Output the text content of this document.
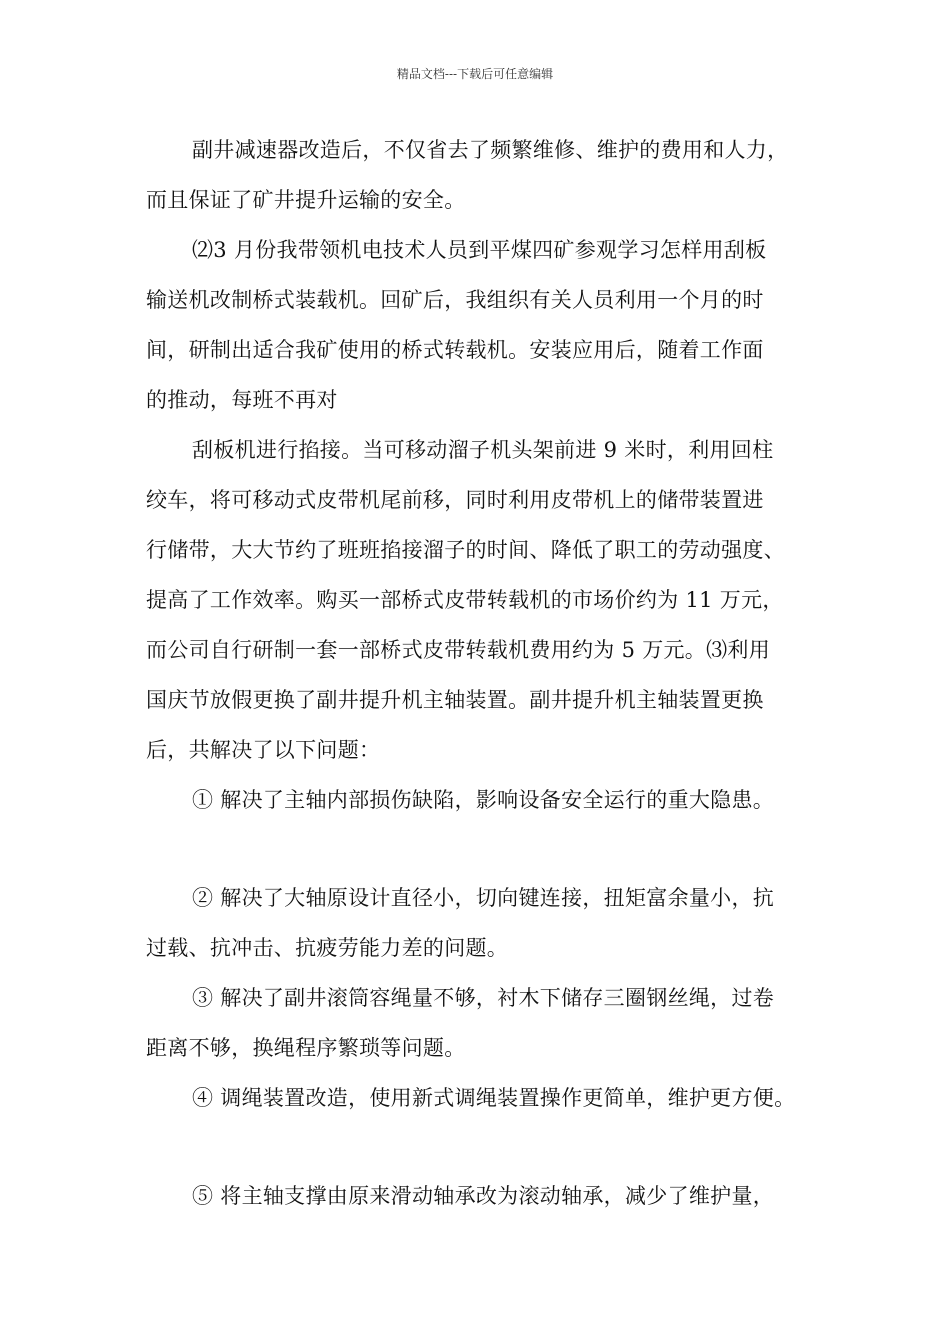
精品文档---下载后可任意编辑

副井减速器改造后，不仅省去了频繁维修、维护的费用和人力，
而且保证了矿井提升运输的安全。

⑵3 月份我带领机电技术人员到平煤四矿参观学习怎样用刮板
输送机改制桥式装载机。回矿后，我组织有关人员利用一个月的时
间，研制出适合我矿使用的桥式转载机。安装应用后，随着工作面
的推动，每班不再对

刮板机进行掐接。当可移动溜子机头架前进 9 米时，利用回柱
绞车，将可移动式皮带机尾前移，同时利用皮带机上的储带装置进
行储带，大大节约了班班掐接溜子的时间、降低了职工的劳动强度、
提高了工作效率。购买一部桥式皮带转载机的市场价约为 11 万元，
而公司自行研制一套一部桥式皮带转载机费用约为 5 万元。⑶利用
国庆节放假更换了副井提升机主轴装置。副井提升机主轴装置更换
后，共解决了以下问题：

① 解决了主轴内部损伤缺陷，影响设备安全运行的重大隐患。

② 解决了大轴原设计直径小，切向键连接，扭矩富余量小，抗
过载、抗冲击、抗疲劳能力差的问题。

③ 解决了副井滚筒容绳量不够，衬木下储存三圈钢丝绳，过卷
距离不够，换绳程序繁琐等问题。

④ 调绳装置改造，使用新式调绳装置操作更简单，维护更方便。

⑤ 将主轴支撑由原来滑动轴承改为滚动轴承，减少了维护量，
